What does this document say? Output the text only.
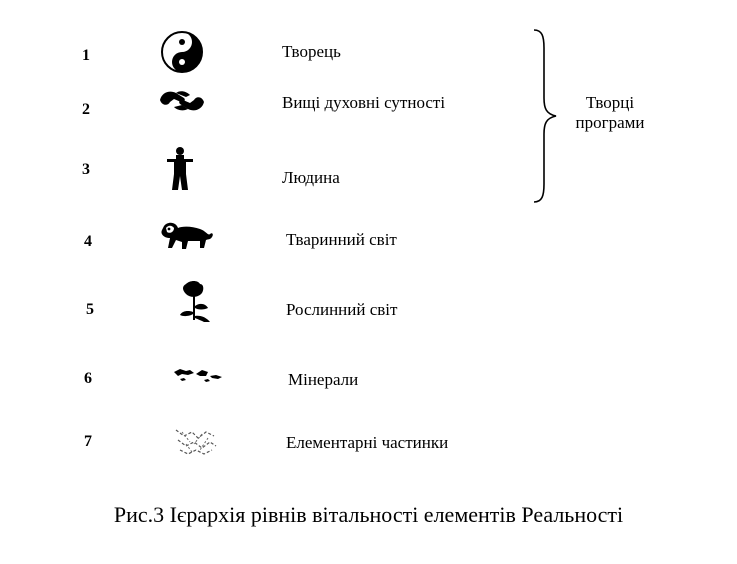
1	Творець
2	Вищі духовні сутності
3	Людина
Творці
програми
4	Тваринний світ
5	Рослинний світ
6	Мінерали
7	Елементарні частинки
Рис.3 Ієрархія рівнів вітальності елементів Реальності
